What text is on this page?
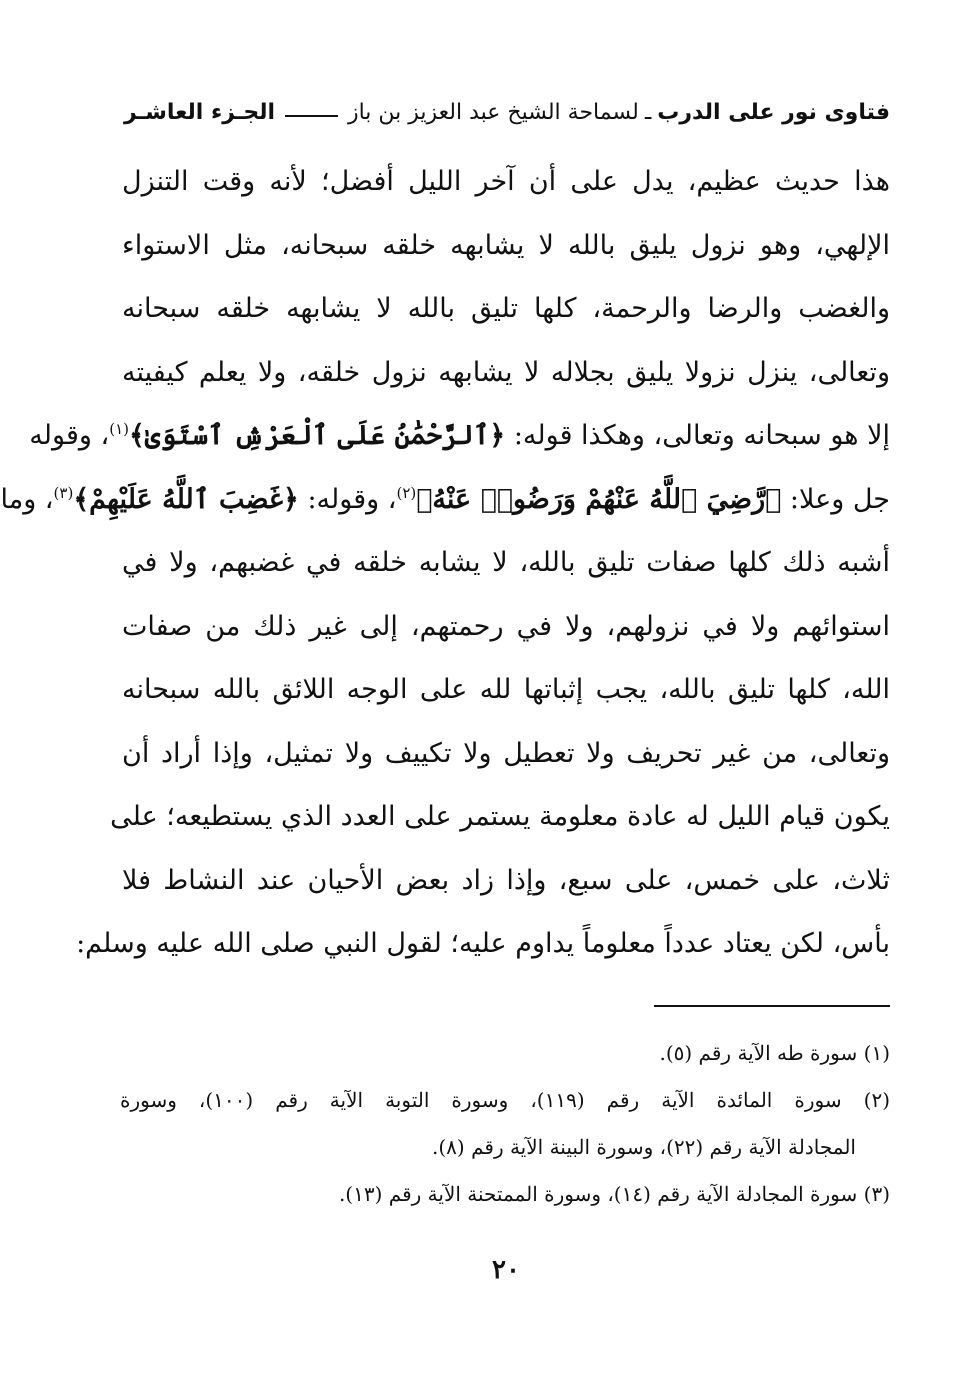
فتاوى نور على الدرب
ـ
لسماحة الشيخ عبد العزيز بن باز
الجـزء العاشـر
هذا حديث عظيم، يدل على أن آخر الليل أفضل؛ لأنه وقت التنزل
الإلهي، وهو نزول يليق بالله لا يشابهه خلقه سبحانه، مثل الاستواء
والغضب والرضا والرحمة، كلها تليق بالله لا يشابهه خلقه سبحانه
وتعالى، ينزل نزولا يليق بجلاله لا يشابهه نزول خلقه، ولا يعلم كيفيته
إلا هو سبحانه وتعالى، وهكذا قوله: ﴿ٱلرَّحْمَٰنُ عَلَى ٱلْعَرْشِ ٱسْتَوَىٰ﴾$^{(١)}$، وقوله
جل وعلا: ﴿رَّضِيَ ٱللَّهُ عَنْهُمْ وَرَضُوا۟ عَنْهُ﴾$^{(٢)}$، وقوله: ﴿غَضِبَ ٱللَّهُ عَلَيْهِمْ﴾$^{(٣)}$، وما
أشبه ذلك كلها صفات تليق بالله، لا يشابه خلقه في غضبهم، ولا في
استوائهم ولا في نزولهم، ولا في رحمتهم، إلى غير ذلك من صفات
الله، كلها تليق بالله، يجب إثباتها لله على الوجه اللائق بالله سبحانه
وتعالى، من غير تحريف ولا تعطيل ولا تكييف ولا تمثيل، وإذا أراد أن
يكون قيام الليل له عادة معلومة يستمر على العدد الذي يستطيعه؛ على
ثلاث، على خمس، على سبع، وإذا زاد بعض الأحيان عند النشاط فلا
بأس، لكن يعتاد عدداً معلوماً يداوم عليه؛ لقول النبي صلى الله عليه وسلم:
(١) سورة طه الآية رقم (٥).
(٢) سورة المائدة الآية رقم (١١٩)، وسورة التوبة الآية رقم (١٠٠)، وسورة
المجادلة الآية رقم (٢٢)، وسورة البينة الآية رقم (٨).
(٣) سورة المجادلة الآية رقم (١٤)، وسورة الممتحنة الآية رقم (١٣).
٢٠
